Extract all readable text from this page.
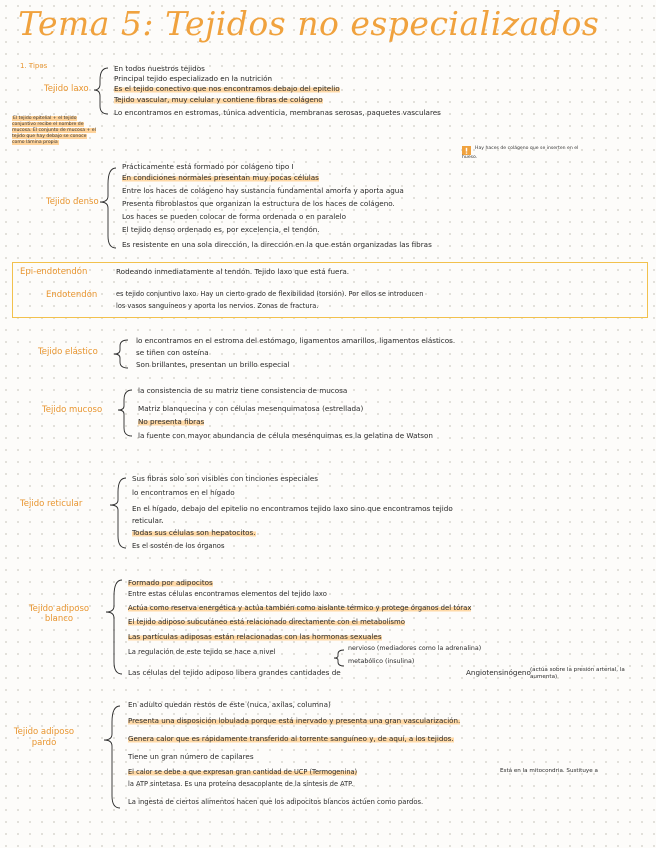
Tema 5: Tejidos no especializados
1. Tipos
El tejido epitelial + el tejido conjuntivo recibe el nombre de mucosa. El conjunto de mucosa + el tejido que hay debajo se conoce como lámina propia
Hay haces de colágeno que se inserten en el hueso.
Tejido laxo
Tejido denso
Epi-endotendón
Endotendón
Tejido elástico
Tejido mucoso
Tejido reticular
Tejido adiposo blanco
Tejido adiposo pardo
En todos nuestros tejidos
Principal tejido especializado en la nutrición
Es el tejido conectivo que nos encontramos debajo del epitelio
Tejido vascular, muy celular y contiene fibras de colágeno
Lo encontramos en estromas, túnica adventicia, membranas serosas, paquetes vasculares
Prácticamente está formado por colágeno tipo I
En condiciones normales presentan muy pocas células
Entre los haces de colágeno hay sustancia fundamental amorfa y aporta agua
Presenta fibroblastos que organizan la estructura de los haces de colágeno.
Los haces se pueden colocar de forma ordenada o en paralelo
El tejido denso ordenado es, por excelencia, el tendón.
Es resistente en una sola dirección, la dirección en la que están organizadas las fibras
Rodeando inmediatamente al tendón. Tejido laxo que está fuera.
es tejido conjuntivo laxo. Hay un cierto grado de flexibilidad (torsión). Por ellos se introducen
los vasos sanguíneos y aporta los nervios. Zonas de fractura.
lo encontramos en el estroma del estómago, ligamentos amarillos, ligamentos elásticos.
se tiñen con osteína
Son brillantes, presentan un brillo especial
la consistencia de su matriz tiene consistencia de mucosa
Matriz blanquecina y con células mesenquimatosa (estrellada)
No presenta fibras
la fuente con mayor abundancia de célula mesénquimas es la gelatina de Watson
Sus fibras solo son visibles con tinciones especiales
lo encontramos en el hígado
En el hígado, debajo del epitelio no encontramos tejido laxo sino que encontramos tejido
reticular.
Todas sus células son hepatocitos.
Es el sostén de los órganos
Formado por adipocitos
Entre estas células encontramos elementos del tejido laxo
Actúa como reserva energética y actúa también como aislante térmico y protege órganos del tórax
El tejido adiposo subcutáneo está relacionado directamente con el metabolismo
Las partículas adiposas están relacionadas con las hormonas sexuales
La regulación de este tejido se hace a nivel	nervioso (mediadores como la adrenalina)
metabólico (insulina)
Las células del tejido adiposo libera grandes cantidades de	Angiotensinógeno (actúa sobre la presión arterial, la aumenta)
En adulto quedan restos de éste (nuca, axilas, columna)
Presenta una disposición lobulada porque está inervado y presenta una gran vascularización.
Genera calor que es rápidamente transferido al torrente sanguíneo y, de aquí, a los tejidos.
Tiene un gran número de capilares
El calor se debe a que expresan gran cantidad de UCP (Termogenina)	Está en la mitocondria. Sustituye a
la ATP sintetasa. Es una proteína desacoplante de la síntesis de ATP.
La ingesta de ciertos alimentos hacen que los adipocitos blancos actúen como pardos.
